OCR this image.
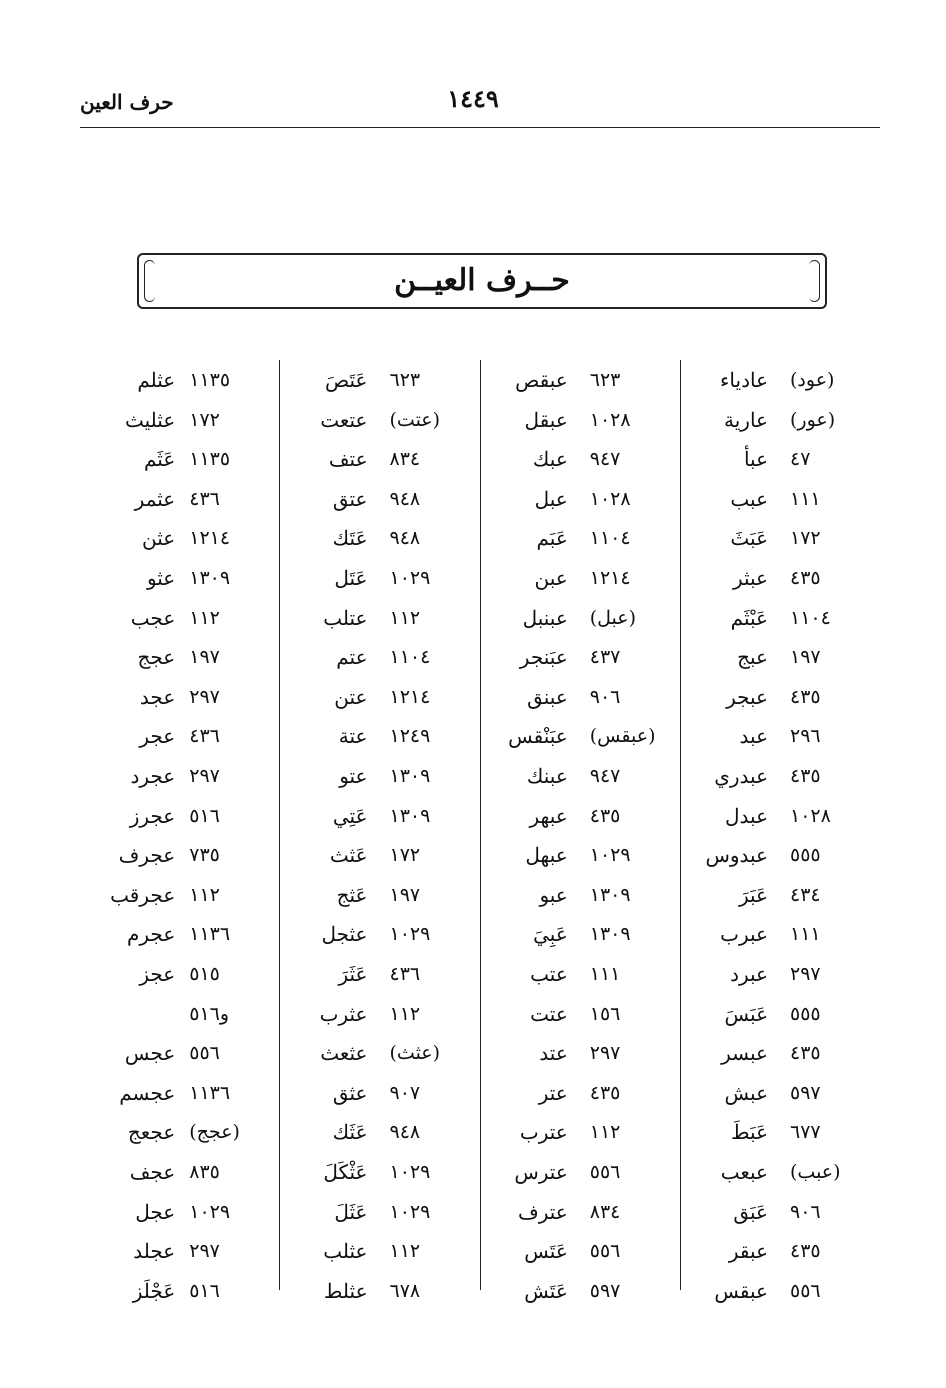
١٤٤٩
حرف العين
حــرف العيــن
عادياء	(عود)
عارية	(عور)
عبأ	٤٧
عبب	١١١
عَبَثَ	١٧٢
عبثر	٤٣٥
عَبْثَم	١١٠٤
عبج	١٩٧
عبجر	٤٣٥
عبد	٢٩٦
عبدري	٤٣٥
عبدل	١٠٢٨
عبدوس	٥٥٥
عَبَرَ	٤٣٤
عبرب	١١١
عبرد	٢٩٧
عَبَسَ	٥٥٥
عبسر	٤٣٥
عبش	٥٩٧
عَبَطَ	٦٧٧
عبعب	(عبب)
عَبَق	٩٠٦
عبقر	٤٣٥
عبقس	٥٥٦
عبقص	٦٢٣
عبقل	١٠٢٨
عبك	٩٤٧
عبل	١٠٢٨
عَبَم	١١٠٤
عبن	١٢١٤
عبنبل	(عبل)
عبَنجر	٤٣٧
عبنق	٩٠٦
عبَنْقس	(عبقس)
عبنك	٩٤٧
عبهر	٤٣٥
عبهل	١٠٢٩
عبو	١٣٠٩
عَبِيَ	١٣٠٩
عتب	١١١
عتت	١٥٦
عتد	٢٩٧
عتر	٤٣٥
عترب	١١٢
عترس	٥٥٦
عترف	٨٣٤
عَتَس	٥٥٦
عَتَش	٥٩٧
عَتَصَ	٦٢٣
عتعت	(عتت)
عتف	٨٣٤
عتق	٩٤٨
عَتَك	٩٤٨
عَتَل	١٠٢٩
عتلب	١١٢
عتم	١١٠٤
عتن	١٢١٤
عتة	١٢٤٩
عتو	١٣٠٩
عَتِي	١٣٠٩
عَثث	١٧٢
عَثج	١٩٧
عثجل	١٠٢٩
عَثَرَ	٤٣٦
عثرب	١١٢
عثعث	(عثث)
عثق	٩٠٧
عَثَك	٩٤٨
عَثْكَلَ	١٠٢٩
عَثَلَ	١٠٢٩
عثلب	١١٢
عثلط	٦٧٨
عثلم ١١٣٥
عثليث ١٧٢
عَثَم ١١٣٥
عثمر ٤٣٦
عثن ١٢١٤
عثو ١٣٠٩
عجب ١١٢
عجج ١٩٧
عجد ٢٩٧
عجر ٤٣٦
عجرد ٢٩٧
عجرز ٥١٦
عجرف ٧٣٥
عجرقب ١١٢
عجرم ١١٣٦
عجز ٥١٥
و٥١٦
عجس ٥٥٦
عجسم ١١٣٦
عجعج (عجج)
عجف ٨٣٥
عجل ١٠٢٩
عجلد ٢٩٧
عَجْلَز ٥١٦
